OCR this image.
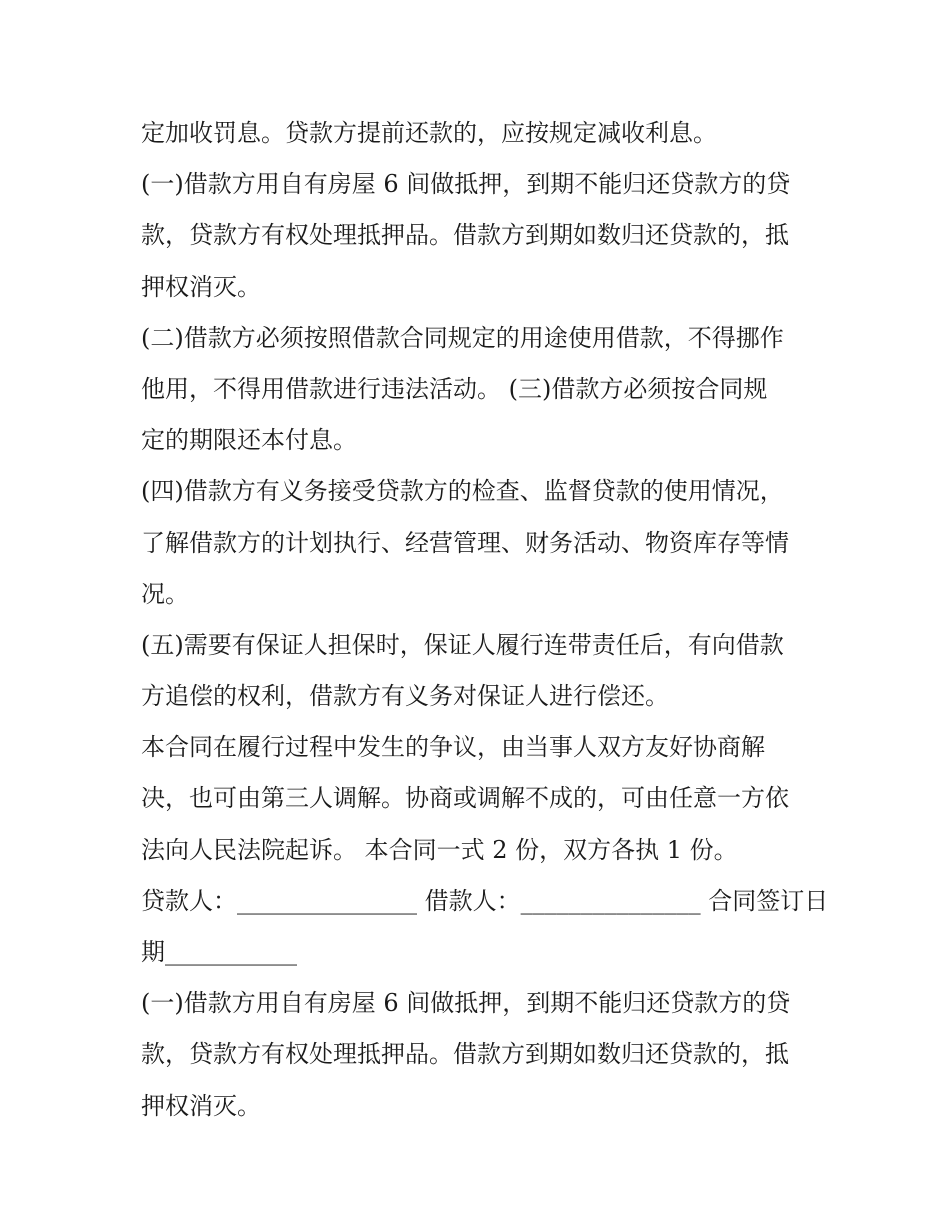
定加收罚息。贷款方提前还款的，应按规定减收利息。
(一)借款方用自有房屋 6 间做抵押，到期不能归还贷款方的贷
款，贷款方有权处理抵押品。借款方到期如数归还贷款的，抵
押权消灭。
(二)借款方必须按照借款合同规定的用途使用借款，不得挪作
他用，不得用借款进行违法活动。 (三)借款方必须按合同规
定的期限还本付息。
(四)借款方有义务接受贷款方的检查、监督贷款的使用情况，
了解借款方的计划执行、经营管理、财务活动、物资库存等情
况。
(五)需要有保证人担保时，保证人履行连带责任后，有向借款
方追偿的权利，借款方有义务对保证人进行偿还。
本合同在履行过程中发生的争议，由当事人双方友好协商解
决，也可由第三人调解。协商或调解不成的，可由任意一方依
法向人民法院起诉。 本合同一式 2 份，双方各执 1 份。
贷款人：_______________ 借款人：_______________ 合同签订日
期___________
(一)借款方用自有房屋 6 间做抵押，到期不能归还贷款方的贷
款，贷款方有权处理抵押品。借款方到期如数归还贷款的，抵
押权消灭。
